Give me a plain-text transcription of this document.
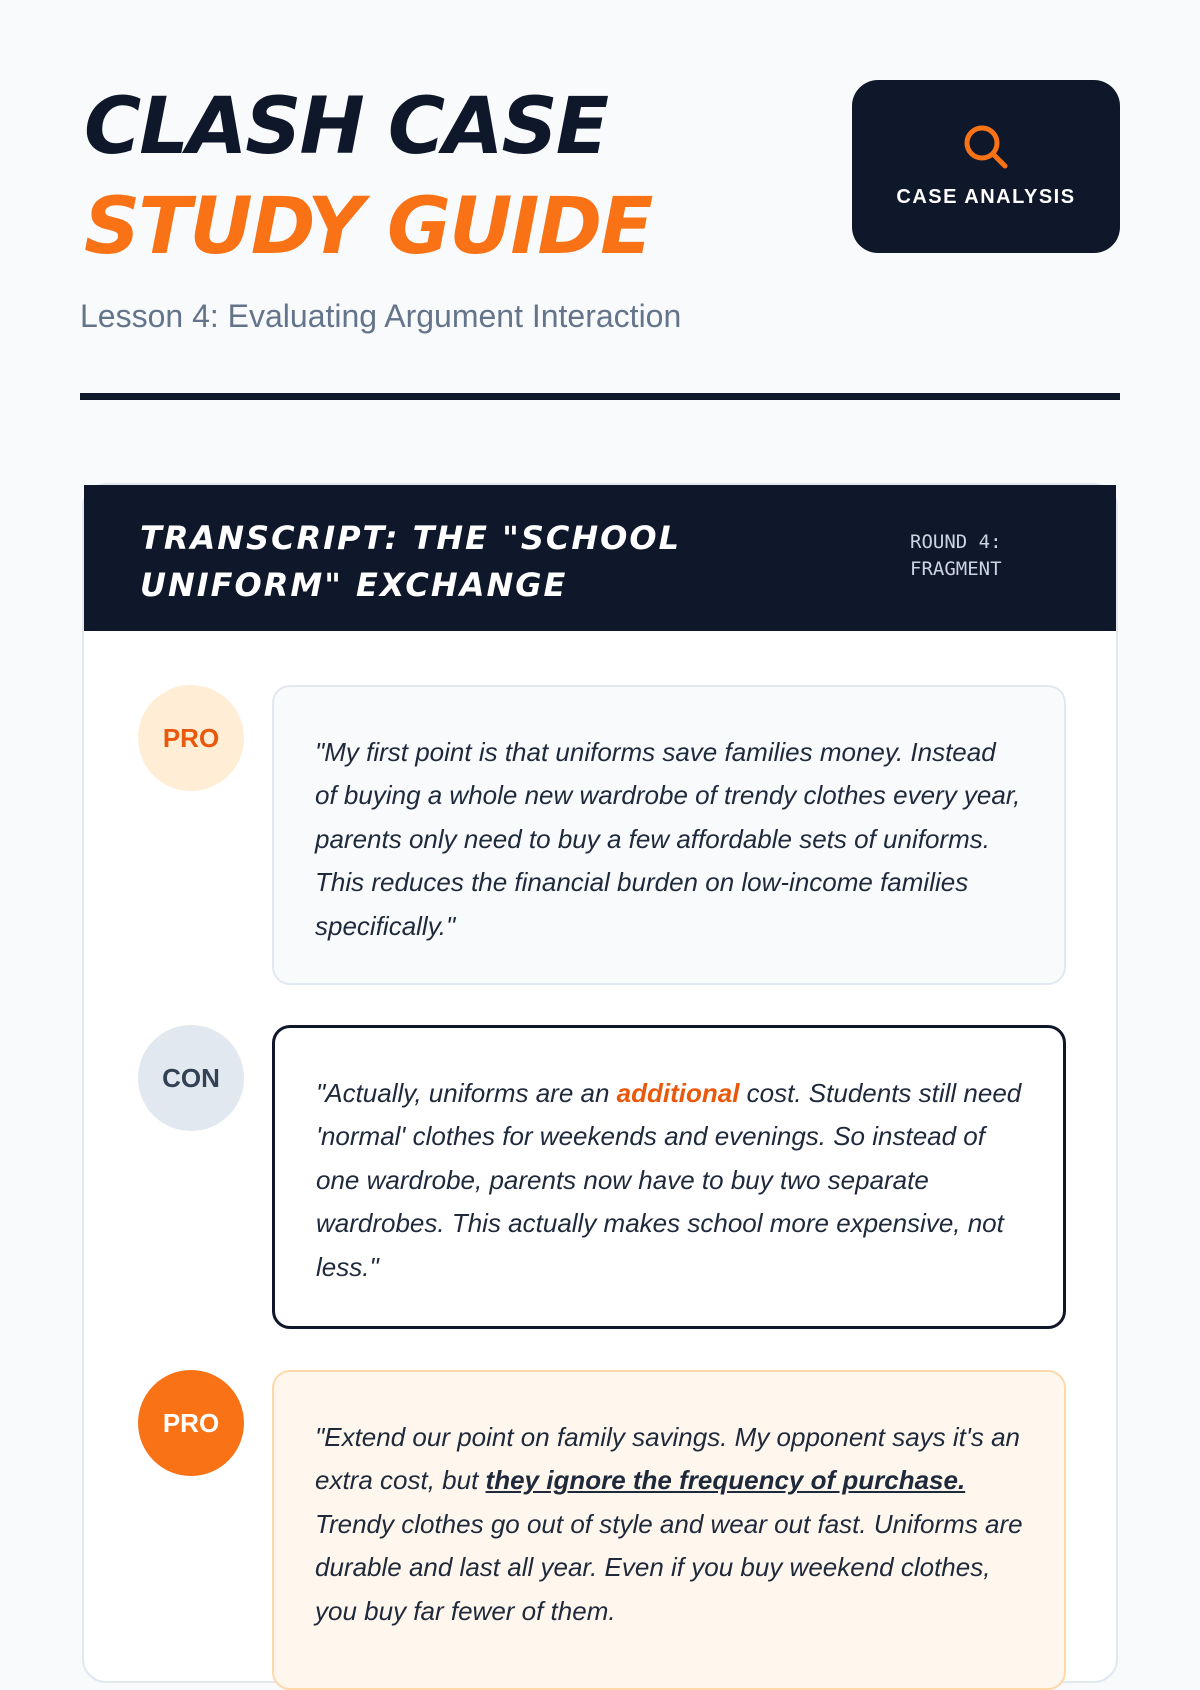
CLASH CASE
STUDY GUIDE
Lesson 4: Evaluating Argument Interaction
CASE ANALYSIS
TRANSCRIPT: THE "SCHOOL UNIFORM" EXCHANGE
ROUND 4: FRAGMENT
PRO	"My first point is that uniforms save families money. Instead of buying a whole new wardrobe of trendy clothes every year, parents only need to buy a few affordable sets of uniforms. This reduces the financial burden on low-income families specifically."
CON
"Actually, uniforms are an additional cost. Students still need 'normal' clothes for weekends and evenings. So instead of one wardrobe, parents now have to buy two separate wardrobes. This actually makes school more expensive, not less."
PRO	"Extend our point on family savings. My opponent says it's an extra cost, but they ignore the frequency of purchase. Trendy clothes go out of style and wear out fast. Uniforms are durable and last all year. Even if you buy weekend clothes, you buy far fewer of them.
